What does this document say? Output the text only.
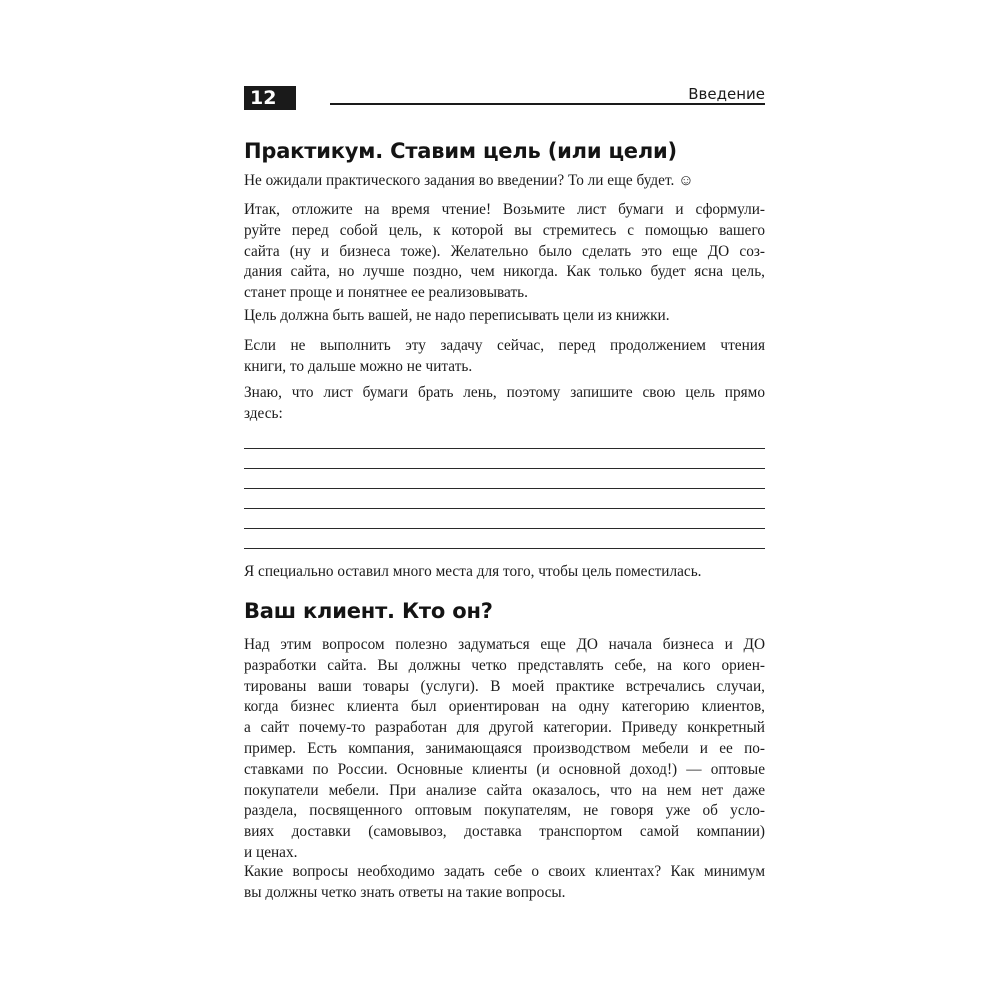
12	Введение
Практикум. Ставим цель (или цели)

Не ожидали практического задания во введении? То ли еще будет. ☺

Итак, отложите на время чтение! Возьмите лист бумаги и сформули-
руйте перед собой цель, к которой вы стремитесь с помощью вашего
сайта (ну и бизнеса тоже). Желательно было сделать это еще ДО соз-
дания сайта, но лучше поздно, чем никогда. Как только будет ясна цель,
станет проще и понятнее ее реализовывать.

Цель должна быть вашей, не надо переписывать цели из книжки.

Если не выполнить эту задачу сейчас, перед продолжением чтения
книги, то дальше можно не читать.

Знаю, что лист бумаги брать лень, поэтому запишите свою цель прямо
здесь:

Я специально оставил много места для того, чтобы цель поместилась.

Ваш клиент. Кто он?

Над этим вопросом полезно задуматься еще ДО начала бизнеса и ДО
разработки сайта. Вы должны четко представлять себе, на кого ориен-
тированы ваши товары (услуги). В моей практике встречались случаи,
когда бизнес клиента был ориентирован на одну категорию клиентов,
а сайт почему-то разработан для другой категории. Приведу конкретный
пример. Есть компания, занимающаяся производством мебели и ее по-
ставками по России. Основные клиенты (и основной доход!) — оптовые
покупатели мебели. При анализе сайта оказалось, что на нем нет даже
раздела, посвященного оптовым покупателям, не говоря уже об усло-
виях доставки (самовывоз, доставка транспортом самой компании)
и ценах.

Какие вопросы необходимо задать себе о своих клиентах? Как минимум
вы должны четко знать ответы на такие вопросы.
